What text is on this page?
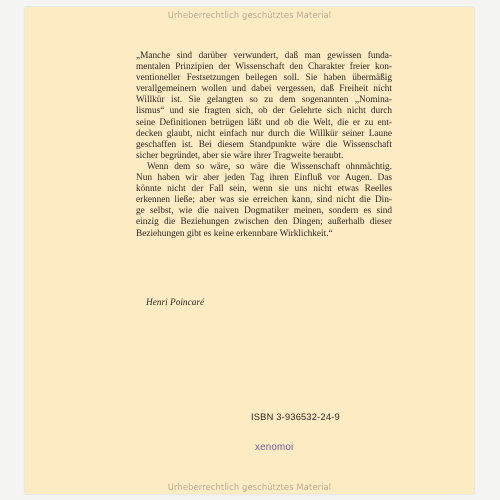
Urheberrechtlich geschütztes Material

„Manche sind darüber verwundert, daß man gewissen funda-
mentalen Prinzipien der Wissenschaft den Charakter freier kon-
ventioneller Festsetzungen beilegen soll. Sie haben übermäßig
verallgemeinern wollen und dabei vergessen, daß Freiheit nicht
Willkür ist. Sie gelangten so zu dem sogenannten „Nomina-
lismus“ und sie fragten sich, ob der Gelehrte sich nicht durch
seine Definitionen betrügen läßt und ob die Welt, die er zu ent-
decken glaubt, nicht einfach nur durch die Willkür seiner Laune
geschaffen ist. Bei diesem Standpunkte wäre die Wissenschaft
sicher begründet, aber sie wäre ihrer Tragweite beraubt.

Wenn dem so wäre, so wäre die Wissenschaft ohnmächtig.
Nun haben wir aber jeden Tag ihren Einfluß vor Augen. Das
könnte nicht der Fall sein, wenn sie uns nicht etwas Reelles
erkennen ließe; aber was sie erreichen kann, sind nicht die Din-
ge selbst, wie die naiven Dogmatiker meinen, sondern es sind
einzig die Beziehungen zwischen den Dingen; außerhalb dieser
Beziehungen gibt es keine erkennbare Wirklichkeit.“

Henri Poincaré
ISBN 3-936532-24-9
xenomoi
Urheberrechtlich geschütztes Material
